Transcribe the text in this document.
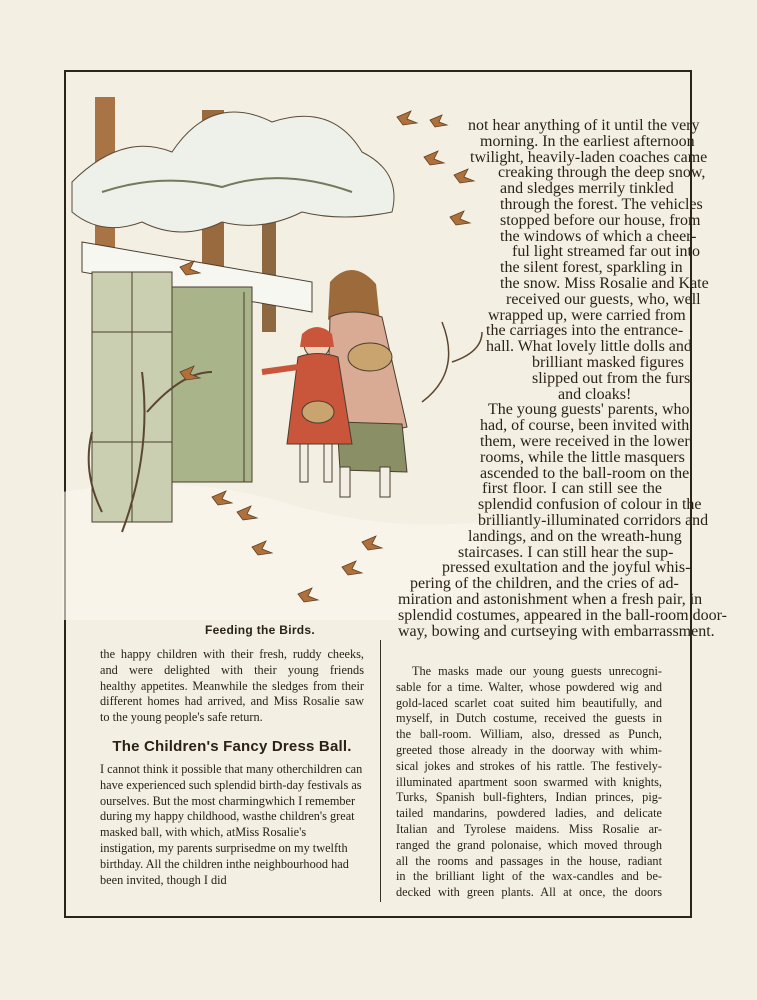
Feeding the Birds.
the happy children with their fresh, ruddy cheeks,
and were delighted with their young friends
healthy appetites. Meanwhile the sledges from their
different homes had arrived, and Miss Rosalie saw
to the young people's safe return.
The Children's Fancy Dress Ball.
I cannot think it possible that many otherchildren can have experienced such splendid birth-day festivals as ourselves. But the most charmingwhich I remember during my happy childhood, wasthe children's great masked ball, with which, atMiss Rosalie's instigation, my parents surprisedme on my twelfth birthday. All the children inthe neighbourhood had been invited, though I did
The masks made our young guests unrecogni-
sable for a time. Walter, whose powdered wig and
gold-laced scarlet coat suited him beautifully, and
myself, in Dutch costume, received the guests in
the ball-room. William, also, dressed as Punch,
greeted those already in the doorway with whim-
sical jokes and strokes of his rattle. The festively-
illuminated apartment soon swarmed with knights,
Turks, Spanish bull-fighters, Indian princes, pig-
tailed mandarins, powdered ladies, and delicate
Italian and Tyrolese maidens. Miss Rosalie ar-
ranged the grand polonaise, which moved through
all the rooms and passages in the house, radiant
in the brilliant light of the wax-candles and be-
decked with green plants. All at once, the doors
not hear anything of it until the very
morning. In the earliest afternoon
twilight, heavily-laden coaches came
creaking through the deep snow,
and sledges merrily tinkled
through the forest. The vehicles
stopped before our house, from
the windows of which a cheer-
ful light streamed far out into
the silent forest, sparkling in
the snow. Miss Rosalie and Kate
received our guests, who, well
wrapped up, were carried from
the carriages into the entrance-
hall. What lovely little dolls and
brilliant masked figures
slipped out from the furs
and cloaks!
The young guests' parents, who
had, of course, been invited with
them, were received in the lower
rooms, while the little masquers
ascended to the ball-room on the
first floor. I can still see the
splendid confusion of colour in the
brilliantly-illuminated corridors and
landings, and on the wreath-hung
staircases. I can still hear the sup-
pressed exultation and the joyful whis-
pering of the children, and the cries of ad-
miration and astonishment when a fresh pair, in
splendid costumes, appeared in the ball-room door-
way, bowing and curtseying with embarrassment.
